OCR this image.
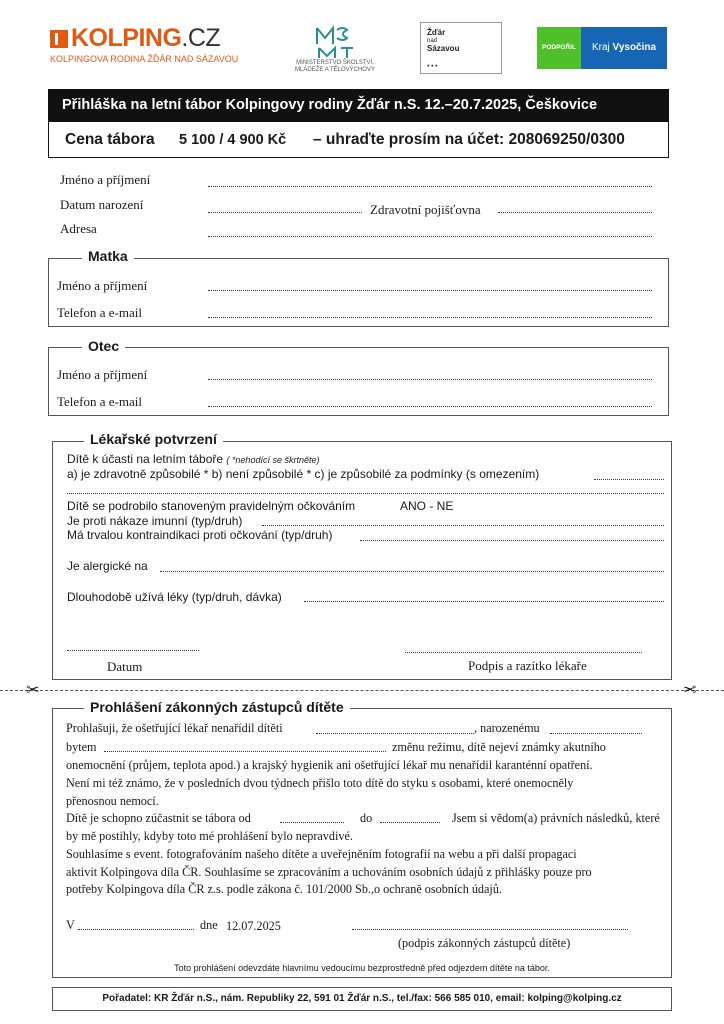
KOLPING.CZ
KOLPINGOVA RODINA ŽĎÁR NAD SÁZAVOU	MINISTERSTVO ŠKOLSTVÍ, MLÁDEŽE A TĚLOVÝCHOVY
Žďár
nad
Sázavou
● ● ●
PODPOŘIL	Kraj Vysočina
Přihláška na letní tábor Kolpingovy rodiny Žďár n.S. 12.–20.7.2025, Češkovice
Cena tábora 5 100 / 4 900 Kč – uhraďte prosím na účet: 208069250/0300
Jméno a příjmení
Datum narození	Zdravotní pojišťovna
Adresa
Matka
Jméno a příjmení
Telefon a e-mail
Otec
Jméno a příjmení
Telefon a e-mail
Lékařské potvrzení
Dítě k účasti na letním táboře ( *nehodící se škrtněte)
a) je zdravotně způsobilé * b) není způsobilé * c) je způsobilé za podmínky (s omezením)
Dítě se podrobilo stanoveným pravidelným očkováním	ANO - NE
Je proti nákaze imunní (typ/druh)
Má trvalou kontraindikaci proti očkování (typ/druh)
Je alergické na
Dlouhodobě užívá léky (typ/druh, dávka)
Datum	Podpis a razítko lékaře
✂	✂
Prohlášení zákonných zástupců dítěte
Prohlašuji, že ošetřující lékař nenařídil dítěti	, narozenému
bytem	změnu režimu, dítě nejeví známky akutního
onemocnění (průjem, teplota apod.) a krajský hygienik ani ošetřující lékař mu nenařídil karanténní opatření.
Není mi též známo, že v posledních dvou týdnech přišlo toto dítě do styku s osobami, které onemocněly
přenosnou nemocí.
Dítě je schopno zúčastnit se tábora od	do	Jsem si vědom(a) právních následků, které
by mě postihly, kdyby toto mé prohlášení bylo nepravdivé.
Souhlasíme s event. fotografováním našeho dítěte a uveřejněním fotografií na webu a při další propagaci
aktivit Kolpingova díla ČR. Souhlasíme se zpracováním a uchováním osobních údajů z přihlášky pouze pro
potřeby Kolpingova díla ČR z.s. podle zákona č. 101/2000 Sb.,o ochraně osobních údajů.
V	dne 12.07.2025
(podpis zákonných zástupců dítěte)
Toto prohlášení odevzdáte hlavnímu vedoucímu bezprostředně před odjezdem dítěte na tábor.
Pořadatel: KR Žďár n.S., nám. Republiky 22, 591 01 Žďár n.S., tel./fax: 566 585 010, email: kolping@kolping.cz
